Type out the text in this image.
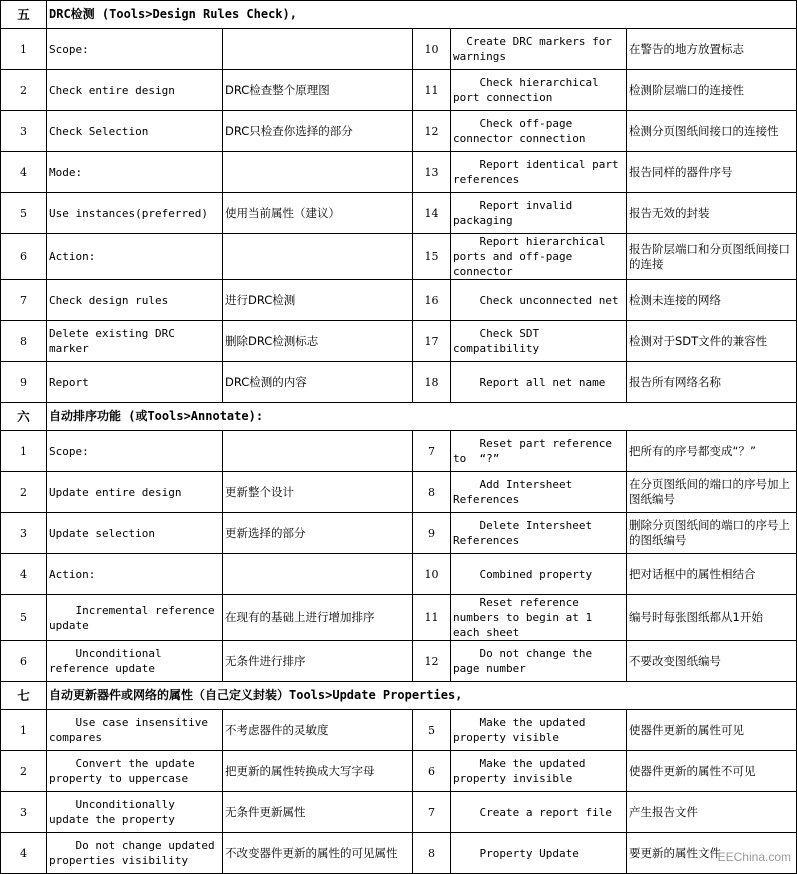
五	DRC检测 (Tools>Design Rules Check),				
1	Scope:		10	Create DRC markers for warnings	在警告的地方放置标志
2	Check entire design	DRC检查整个原理图	11	Check hierarchical port connection	检测阶层端口的连接性
3	Check Selection	DRC只检查你选择的部分	12	Check off-page connector connection	检测分页图纸间接口的连接性
4	Mode:		13	Report identical part references	报告同样的器件序号
5	Use instances(preferred)	使用当前属性（建议）	14	Report invalid packaging	报告无效的封装
6	Action:		15	Report hierarchical ports and off-page connector	报告阶层端口和分页图纸间接口的连接
7	Check design rules	进行DRC检测	16	Check unconnected net	检测未连接的网络
8	Delete existing DRC marker	删除DRC检测标志	17	Check SDT compatibility	检测对于SDT文件的兼容性
9	Report	DRC检测的内容	18	Report all net name	报告所有网络名称
六	自动排序功能 (或Tools>Annotate):				
1	Scope:		7	Reset part reference to  “?”	把所有的序号都变成“？”
2	Update entire design	更新整个设计	8	Add Intersheet References	在分页图纸间的端口的序号加上图纸编号
3	Update selection	更新选择的部分	9	Delete Intersheet References	删除分页图纸间的端口的序号上的图纸编号
4	Action:		10	Combined property	把对话框中的属性相结合
5	Incremental reference update	在现有的基础上进行增加排序	11	Reset reference numbers to begin at 1 each sheet	编号时每张图纸都从1开始
6	Unconditional reference update	无条件进行排序	12	Do not change the page number	不要改变图纸编号
七	自动更新器件或网络的属性（自己定义封装）Tools>Update Properties,				
1	Use case insensitive compares	不考虑器件的灵敏度	5	Make the updated property visible	使器件更新的属性可见
2	Convert the update property to uppercase	把更新的属性转换成大写字母	6	Make the updated property invisible	使器件更新的属性不可见
3	Unconditionally update the property	无条件更新属性	7	Create a report file	产生报告文件
4	Do not change updated properties visibility	不改变器件更新的属性的可见属性	8	Property Update	要更新的属性文件
EEChina.com
